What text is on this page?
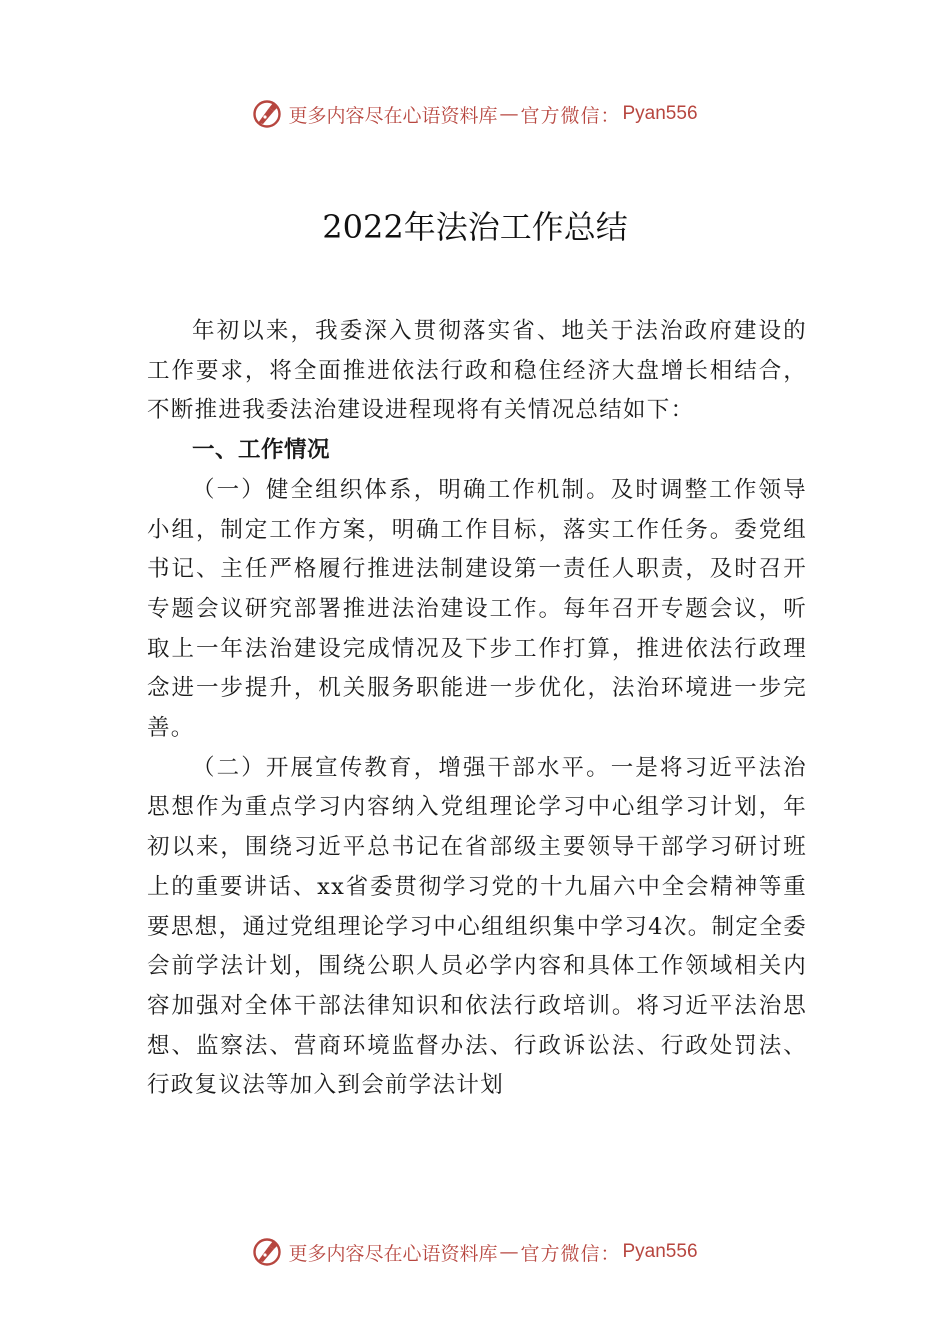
更多内容尽在心语资料库 — 官方微信： Pyan556
2022年法治工作总结

年初以来，我委深入贯彻落实省、地关于法治政府建设的工作要求，将全面推进依法行政和稳住经济大盘增长相结合，不断推进我委法治建设进程现将有关情况总结如下：

一、工作情况

（一）健全组织体系，明确工作机制。及时调整工作领导小组，制定工作方案，明确工作目标，落实工作任务。委党组书记、主任严格履行推进法制建设第一责任人职责，及时召开专题会议研究部署推进法治建设工作。每年召开专题会议，听取上一年法治建设完成情况及下步工作打算，推进依法行政理念进一步提升，机关服务职能进一步优化，法治环境进一步完善。

（二）开展宣传教育，增强干部水平。一是将习近平法治思想作为重点学习内容纳入党组理论学习中心组学习计划，年初以来，围绕习近平总书记在省部级主要领导干部学习研讨班上的重要讲话、xx省委贯彻学习党的十九届六中全会精神等重要思想，通过党组理论学习中心组组织集中学习4次。制定全委会前学法计划，围绕公职人员必学内容和具体工作领域相关内容加强对全体干部法律知识和依法行政培训。将习近平法治思想、监察法、营商环境监督办法、行政诉讼法、行政处罚法、行政复议法等加入到会前学法计划

更多内容尽在心语资料库 — 官方微信： Pyan556
